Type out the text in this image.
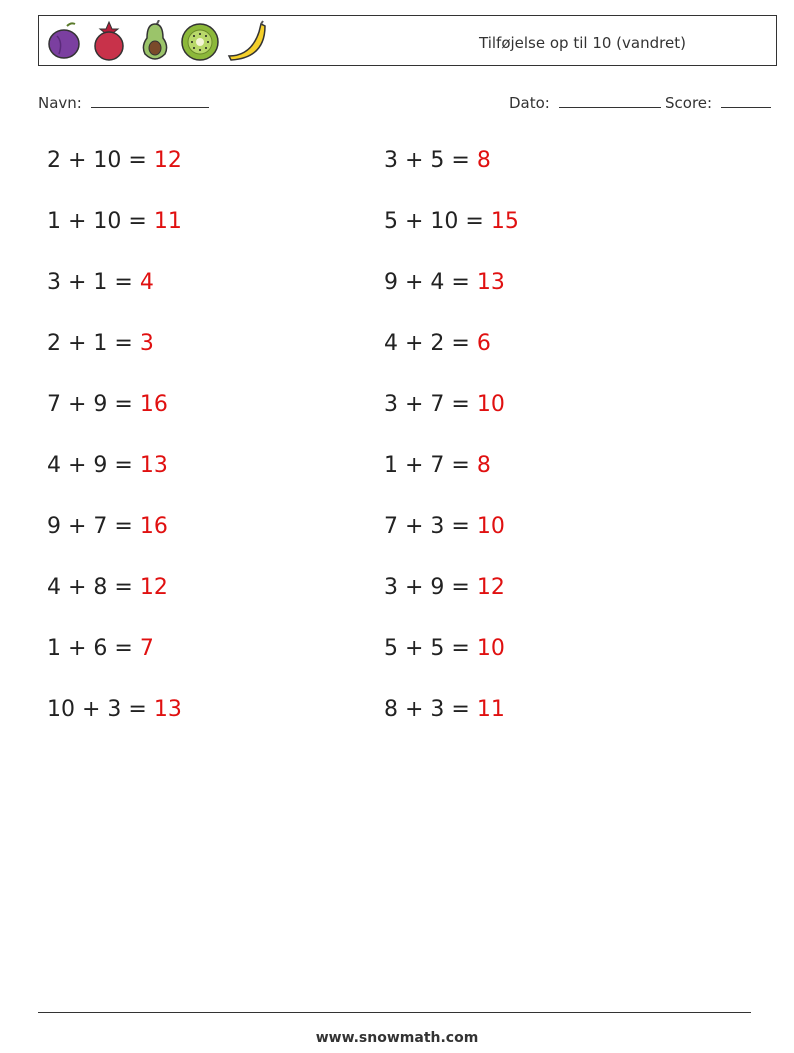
Tilføjelse op til 10 (vandret)
Navn:	Dato:	Score:
2 + 10 = 12
1 + 10 = 11
3 + 1 = 4
2 + 1 = 3
7 + 9 = 16
4 + 9 = 13
9 + 7 = 16
4 + 8 = 12
1 + 6 = 7
10 + 3 = 13
3 + 5 = 8
5 + 10 = 15
9 + 4 = 13
4 + 2 = 6
3 + 7 = 10
1 + 7 = 8
7 + 3 = 10
3 + 9 = 12
5 + 5 = 10
8 + 3 = 11
www.snowmath.com
